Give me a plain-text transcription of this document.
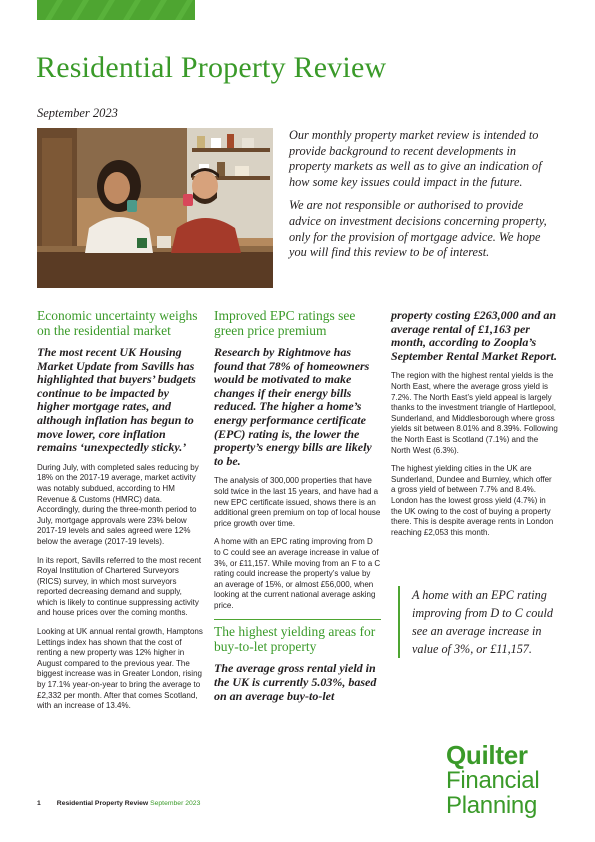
Residential Property Review
September 2023

Our monthly property market review is intended to provide background to recent developments in property markets as well as to give an indication of how some key issues could impact in the future.

We are not responsible or authorised to provide advice on investment decisions concerning property, only for the provision of mortgage advice. We hope you will find this review to be of interest.

Economic uncertainty weighs on the residential market
The most recent UK Housing Market Update from Savills has highlighted that buyers’ budgets continue to be impacted by higher mortgage rates, and although inflation has begun to move lower, core inflation remains ‘unexpectedly sticky.’

During July, with completed sales reducing by 18% on the 2017-19 average, market activity was notably subdued, according to HM Revenue & Customs (HMRC) data. Accordingly, during the three-month period to July, mortgage approvals were 23% below 2017-19 levels and sales agreed were 12% below the average (2017-19 levels).

In its report, Savills referred to the most recent Royal Institution of Chartered Surveyors (RICS) survey, in which most surveyors reported decreasing demand and supply, which is likely to continue suppressing activity and house prices over the coming months.

Looking at UK annual rental growth, Hamptons Lettings index has shown that the cost of renting a new property was 12% higher in August compared to the previous year. The biggest increase was in Greater London, rising by 17.1% year-on-year to bring the average to £2,332 per month. After that comes Scotland, with an increase of 13.4%.

Improved EPC ratings see green price premium
Research by Rightmove has found that 78% of homeowners would be motivated to make changes if their energy bills reduced. The higher a home’s energy performance certificate (EPC) rating is, the lower the property’s energy bills are likely to be.

The analysis of 300,000 properties that have sold twice in the last 15 years, and have had a new EPC certificate issued, shows there is an additional green premium on top of local house price growth over time.

A home with an EPC rating improving from D to C could see an average increase in value of 3%, or £11,157. While moving from an F to a C rating could increase the property’s value by an average of 15%, or almost £56,000, when looking at the current national average asking price.

The highest yielding areas for buy-to-let property
The average gross rental yield in the UK is currently 5.03%, based on an average buy-to-let
property costing £263,000 and an average rental of £1,163 per month, according to Zoopla’s September Rental Market Report.

The region with the highest rental yields is the North East, where the average gross yield is 7.2%. The North East’s yield appeal is largely thanks to the investment triangle of Hartlepool, Sunderland, and Middlesborough where gross yields sit between 8.01% and 8.39%. Following the North East is Scotland (7.1%) and the North West (6.3%).

The highest yielding cities in the UK are Sunderland, Dundee and Burnley, which offer a gross yield of between 7.7% and 8.4%. London has the lowest gross yield (4.7%) in the UK owing to the cost of buying a property there. This is despite average rents in London reaching £2,053 this month.

A home with an EPC rating improving from D to C could see an average increase in value of 3%, or £11,157.
1 Residential Property Review September 2023
Quilter
Financial
Planning
